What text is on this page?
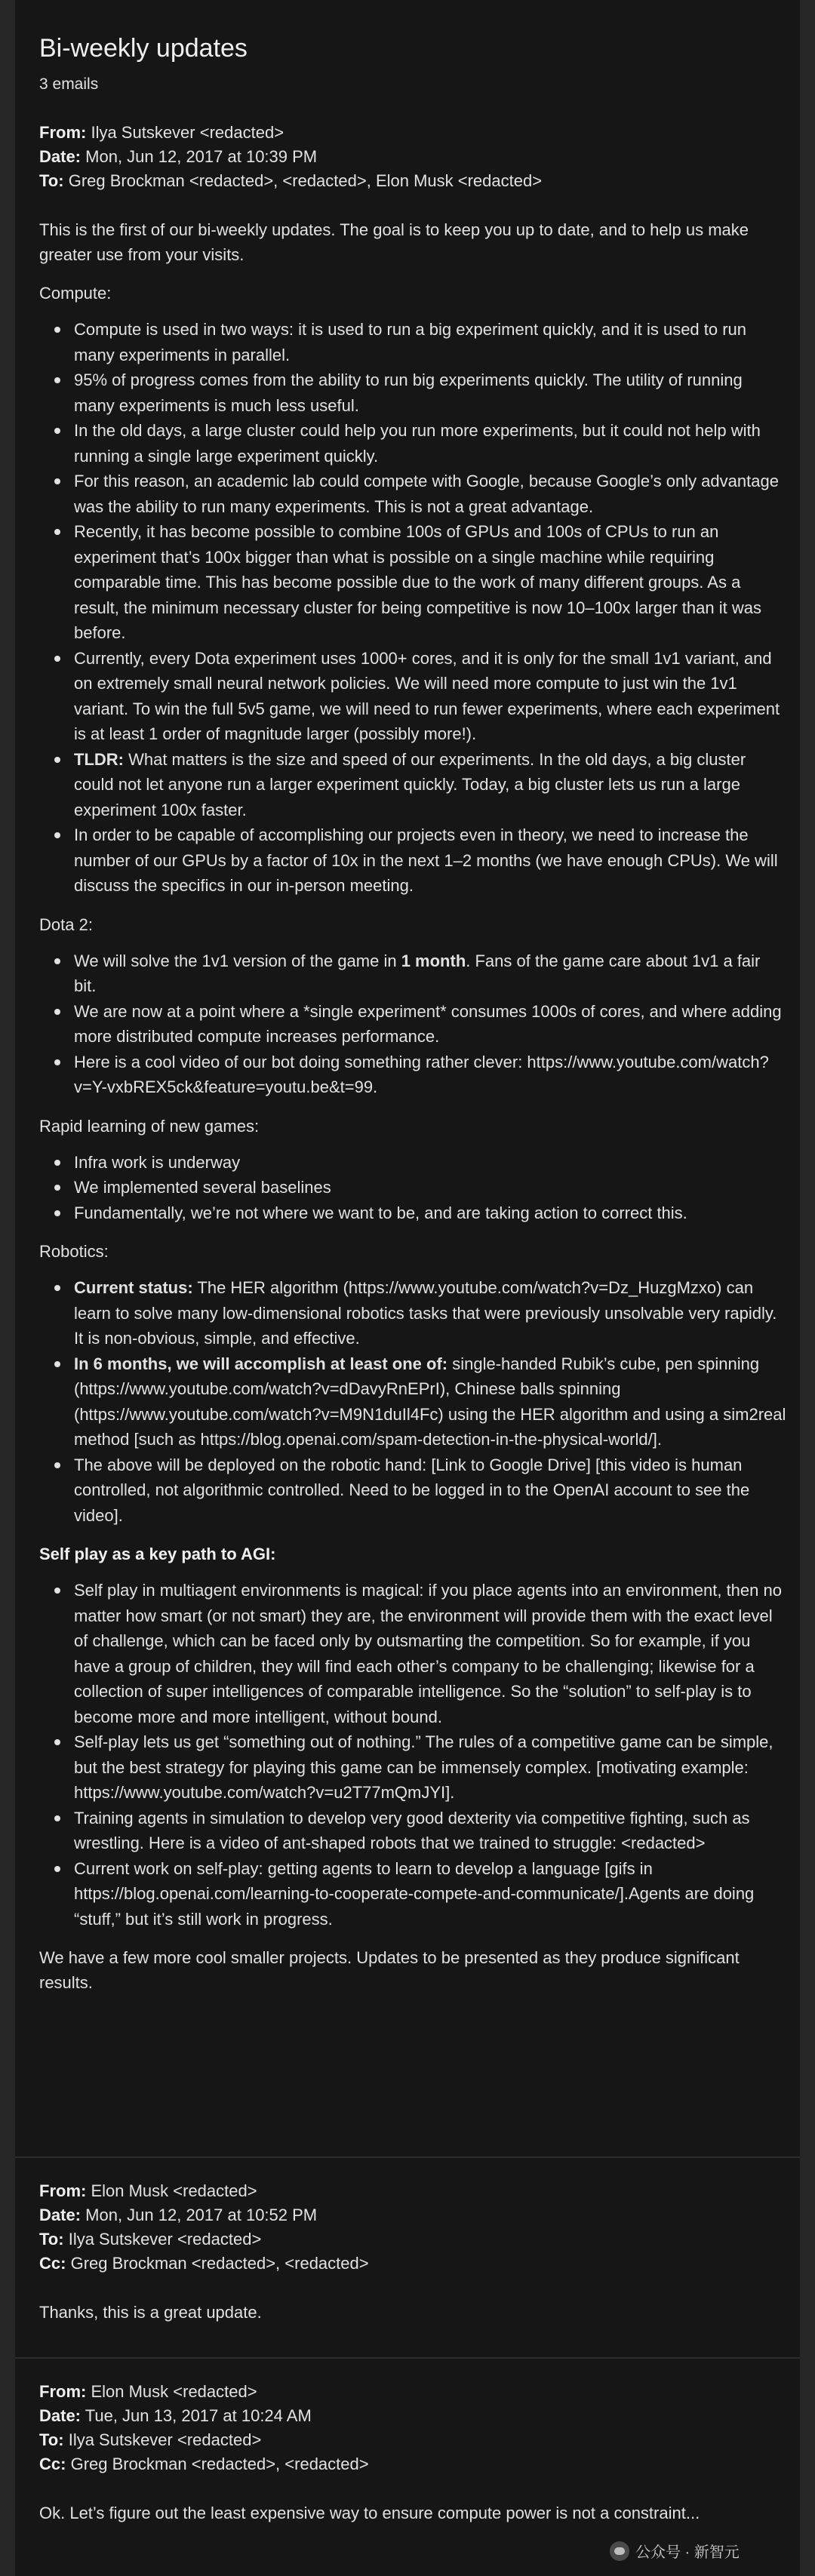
Bi-weekly updates
3 emails
From: Ilya Sutskever <redacted>
Date: Mon, Jun 12, 2017 at 10:39 PM
To: Greg Brockman <redacted>, <redacted>, Elon Musk <redacted>

This is the first of our bi-weekly updates. The goal is to keep you up to date, and to help us make greater use from your visits.

Compute:
Compute is used in two ways: it is used to run a big experiment quickly, and it is used to run many experiments in parallel.
95% of progress comes from the ability to run big experiments quickly. The utility of running many experiments is much less useful.
In the old days, a large cluster could help you run more experiments, but it could not help with running a single large experiment quickly.
For this reason, an academic lab could compete with Google, because Google’s only advantage was the ability to run many experiments. This is not a great advantage.
Recently, it has become possible to combine 100s of GPUs and 100s of CPUs to run an experiment that’s 100x bigger than what is possible on a single machine while requiring comparable time. This has become possible due to the work of many different groups. As a result, the minimum necessary cluster for being competitive is now 10–100x larger than it was before.
Currently, every Dota experiment uses 1000+ cores, and it is only for the small 1v1 variant, and on extremely small neural network policies. We will need more compute to just win the 1v1 variant. To win the full 5v5 game, we will need to run fewer experiments, where each experiment is at least 1 order of magnitude larger (possibly more!).
TLDR: What matters is the size and speed of our experiments. In the old days, a big cluster could not let anyone run a larger experiment quickly. Today, a big cluster lets us run a large experiment 100x faster.
In order to be capable of accomplishing our projects even in theory, we need to increase the number of our GPUs by a factor of 10x in the next 1–2 months (we have enough CPUs). We will discuss the specifics in our in-person meeting.
Dota 2:
We will solve the 1v1 version of the game in 1 month. Fans of the game care about 1v1 a fair bit.
We are now at a point where a *single experiment* consumes 1000s of cores, and where adding more distributed compute increases performance.
Here is a cool video of our bot doing something rather clever: https://www.youtube.com/watch?v=Y-vxbREX5ck&feature=youtu.be&t=99.
Rapid learning of new games:
Infra work is underway
We implemented several baselines
Fundamentally, we’re not where we want to be, and are taking action to correct this.
Robotics:
Current status: The HER algorithm (https://www.youtube.com/watch?v=Dz_HuzgMzxo) can learn to solve many low-dimensional robotics tasks that were previously unsolvable very rapidly. It is non-obvious, simple, and effective.
In 6 months, we will accomplish at least one of: single-handed Rubik’s cube, pen spinning (https://www.youtube.com/watch?v=dDavyRnEPrI), Chinese balls spinning (https://www.youtube.com/watch?v=M9N1duIl4Fc) using the HER algorithm and using a sim2real method [such as https://blog.openai.com/spam-detection-in-the-physical-world/].
The above will be deployed on the robotic hand: [Link to Google Drive] [this video is human controlled, not algorithmic controlled. Need to be logged in to the OpenAI account to see the video].
Self play as a key path to AGI:
Self play in multiagent environments is magical: if you place agents into an environment, then no matter how smart (or not smart) they are, the environment will provide them with the exact level of challenge, which can be faced only by outsmarting the competition. So for example, if you have a group of children, they will find each other’s company to be challenging; likewise for a collection of super intelligences of comparable intelligence. So the “solution” to self-play is to become more and more intelligent, without bound.
Self-play lets us get “something out of nothing.” The rules of a competitive game can be simple, but the best strategy for playing this game can be immensely complex. [motivating example: https://www.youtube.com/watch?v=u2T77mQmJYI].
Training agents in simulation to develop very good dexterity via competitive fighting, such as wrestling. Here is a video of ant-shaped robots that we trained to struggle: <redacted>
Current work on self-play: getting agents to learn to develop a language [gifs in https://blog.openai.com/learning-to-cooperate-compete-and-communicate/].Agents are doing “stuff,” but it’s still work in progress.

We have a few more cool smaller projects. Updates to be presented as they produce significant results.

From: Elon Musk <redacted>
Date: Mon, Jun 12, 2017 at 10:52 PM
To: Ilya Sutskever <redacted>
Cc: Greg Brockman <redacted>, <redacted>

Thanks, this is a great update.

From: Elon Musk <redacted>
Date: Tue, Jun 13, 2017 at 10:24 AM
To: Ilya Sutskever <redacted>
Cc: Greg Brockman <redacted>, <redacted>

Ok. Let’s figure out the least expensive way to ensure compute power is not a constraint...

公众号 · 新智元
